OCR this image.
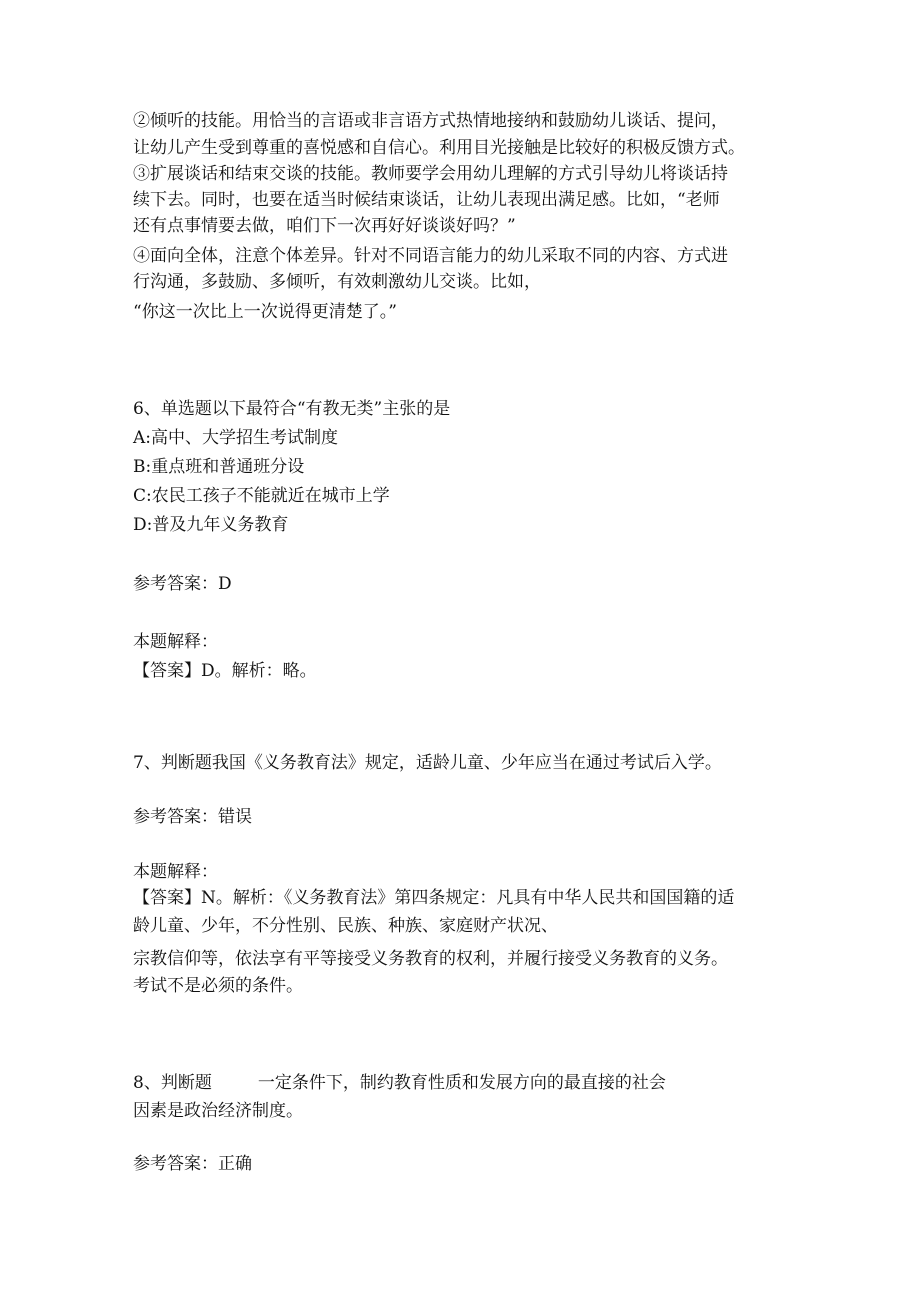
②倾听的技能。用恰当的言语或非言语方式热情地接纳和鼓励幼儿谈话、提问，
让幼儿产生受到尊重的喜悦感和自信心。利用目光接触是比较好的积极反馈方式。
③扩展谈话和结束交谈的技能。教师要学会用幼儿理解的方式引导幼儿将谈话持
续下去。同时，也要在适当时候结束谈话，让幼儿表现出满足感。比如，“老师
还有点事情要去做，咱们下一次再好好谈谈好吗？”
④面向全体，注意个体差异。针对不同语言能力的幼儿采取不同的内容、方式进
行沟通，多鼓励、多倾听，有效刺激幼儿交谈。比如，
“你这一次比上一次说得更清楚了。”
6、单选题以下最符合“有教无类”主张的是
A:高中、大学招生考试制度
B:重点班和普通班分设
C:农民工孩子不能就近在城市上学
D:普及九年义务教育
参考答案：D
本题解释：
【答案】D。解析：略。
7、判断题我国《义务教育法》规定，适龄儿童、少年应当在通过考试后入学。
参考答案：错误
本题解释：
【答案】N。解析：《义务教育法》第四条规定：凡具有中华人民共和国国籍的适
龄儿童、少年，不分性别、民族、种族、家庭财产状况、
宗教信仰等，依法享有平等接受义务教育的权利，并履行接受义务教育的义务。
考试不是必须的条件。
8、判断题	一定条件下，制约教育性质和发展方向的最直接的社会
因素是政治经济制度。
参考答案：正确
